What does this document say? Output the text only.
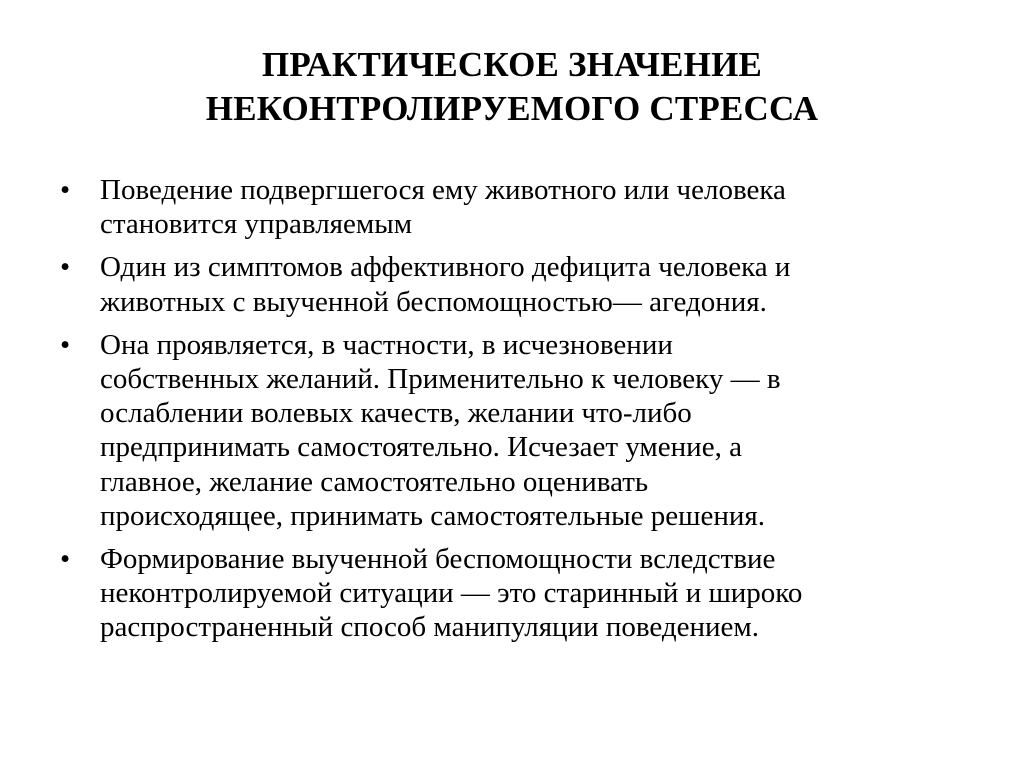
ПРАКТИЧЕСКОЕ ЗНАЧЕНИЕ
НЕКОНТРОЛИРУЕМОГО СТРЕССА
• Поведение подвергшегося ему животного или человека
становится управляемым
• Один из симптомов аффективного дефицита человека и
животных с выученной беспомощностью— агедония.
• Она проявляется, в частности, в исчезновении
собственных желаний. Применительно к человеку — в
ослаблении волевых качеств, желании что-либо
предпринимать самостоятельно. Исчезает умение, а
главное, желание самостоятельно оценивать
происходящее, принимать самостоятельные решения.
• Формирование выученной беспомощности вследствие
неконтролируемой ситуации — это старинный и широко
распространенный способ манипуляции поведением.
